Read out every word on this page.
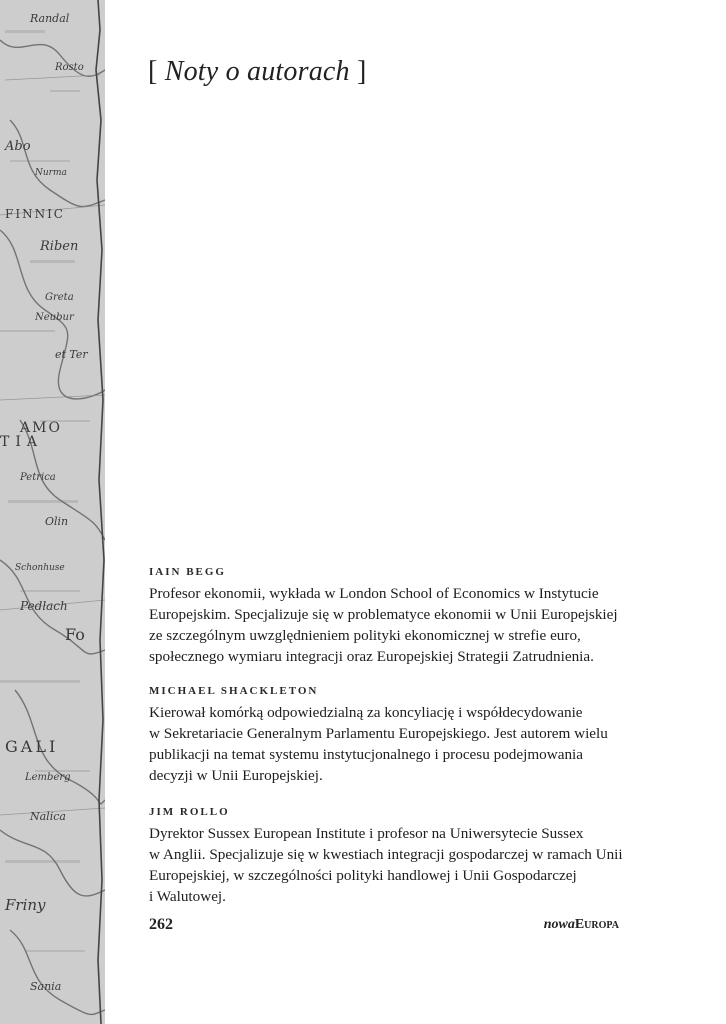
Randal
Rosto
Abo
Nurma
FINNIC
Riben
Greta
Neubur
et Ter
AMO
TIA
Petrica
Olin
Pedlach
Schonhuse
Fo
GALI
Lemberg
Nalica
Friny
Sania
[ Noty o autorach ]
IAIN BEGG
Profesor ekonomii, wykłada w London School of Economics w Instytucie
Europejskim. Specjalizuje się w problematyce ekonomii w Unii Europejskiej
ze szczególnym uwzględnieniem polityki ekonomicznej w strefie euro,
społecznego wymiaru integracji oraz Europejskiej Strategii Zatrudnienia.
MICHAEL SHACKLETON
Kierował komórką odpowiedzialną za koncyliację i współdecydowanie
w Sekretariacie Generalnym Parlamentu Europejskiego. Jest autorem wielu
publikacji na temat systemu instytucjonalnego i procesu podejmowania
decyzji w Unii Europejskiej.
JIM ROLLO
Dyrektor Sussex European Institute i profesor na Uniwersytecie Sussex
w Anglii. Specjalizuje się w kwestiach integracji gospodarczej w ramach Unii
Europejskiej, w szczególności polityki handlowej i Unii Gospodarczej
i Walutowej.
262	nowaEuropa
